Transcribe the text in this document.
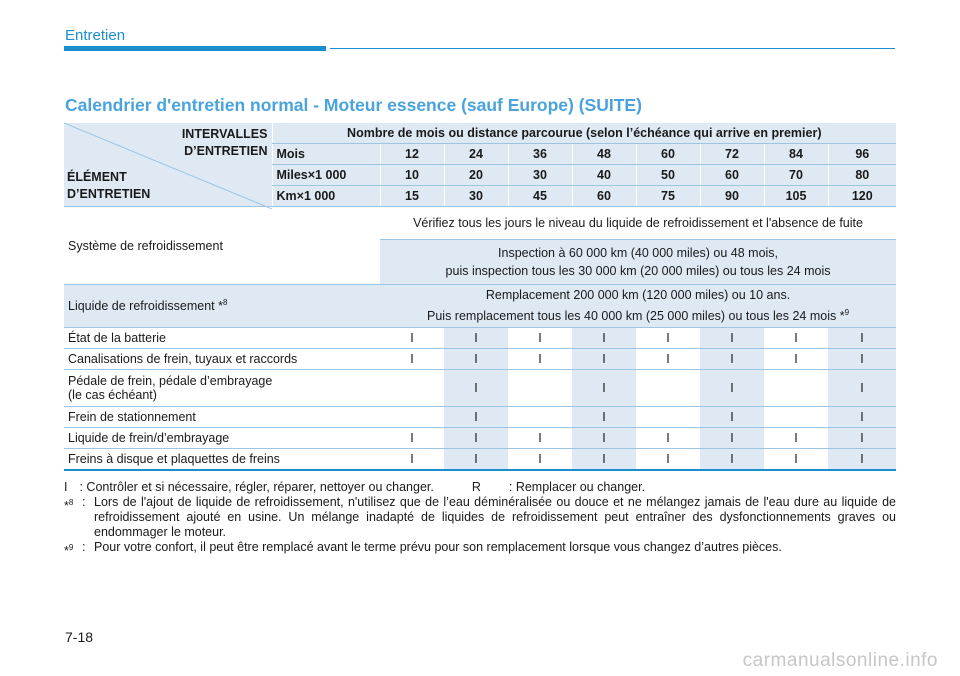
Entretien
Calendrier d'entretien normal - Moteur essence (sauf Europe) (SUITE)
INTERVALLES
D’ENTRETIEN
ÉLÉMENT
D’ENTRETIEN	Nombre de mois ou distance parcourue (selon l’échéance qui arrive en premier)								
	Mois	12	24	36	48	60	72	84	96
	Miles×1 000	10	20	30	40	50	60	70	80
	Km×1 000	15	30	45	60	75	90	105	120
Système de refroidissement		Vérifiez tous les jours le niveau du liquide de refroidissement et l'absence de fuite							

		Inspection à 60 000 km (40 000 miles) ou 48 mois,
puis inspection tous les 30 000 km (20 000 miles) ou tous les 24 mois							

Liquide de refroidissement *$^8$		Remplacement 200 000 km (120 000 miles) ou 10 ans.
Puis remplacement tous les 40 000 km (25 000 miles) ou tous les 24 mois *$^9$

État de la batterie		I	I	I	I	I	I	I	I
Canalisations de frein, tuyaux et raccords		I	I	I	I	I	I	I	I

Pédale de frein, pédale d’embrayage
(le cas échéant)			I		I		I		I
Frein de stationnement			I		I		I		I
Liquide de frein/d’embrayage		I	I	I	I	I	I	I	I
Freins à disque et plaquettes de freins		I	I	I	I	I	I	I	I
I : Contrôler et si nécessaire, régler, réparer, nettoyer ou changer.	R : Remplacer ou changer.
*$^8$ : Lors de l'ajout de liquide de refroidissement, n'utilisez que de l’eau déminéralisée ou douce et ne mélangez jamais de l'eau dure au liquide de refroidissement ajouté en usine. Un mélange inadapté de liquides de refroidissement peut entraîner des dysfonctionnements graves ou endommager le moteur.
*$^9$ : Pour votre confort, il peut être remplacé avant le terme prévu pour son remplacement lorsque vous changez d’autres pièces.
7-18
carmanualsonline.info
